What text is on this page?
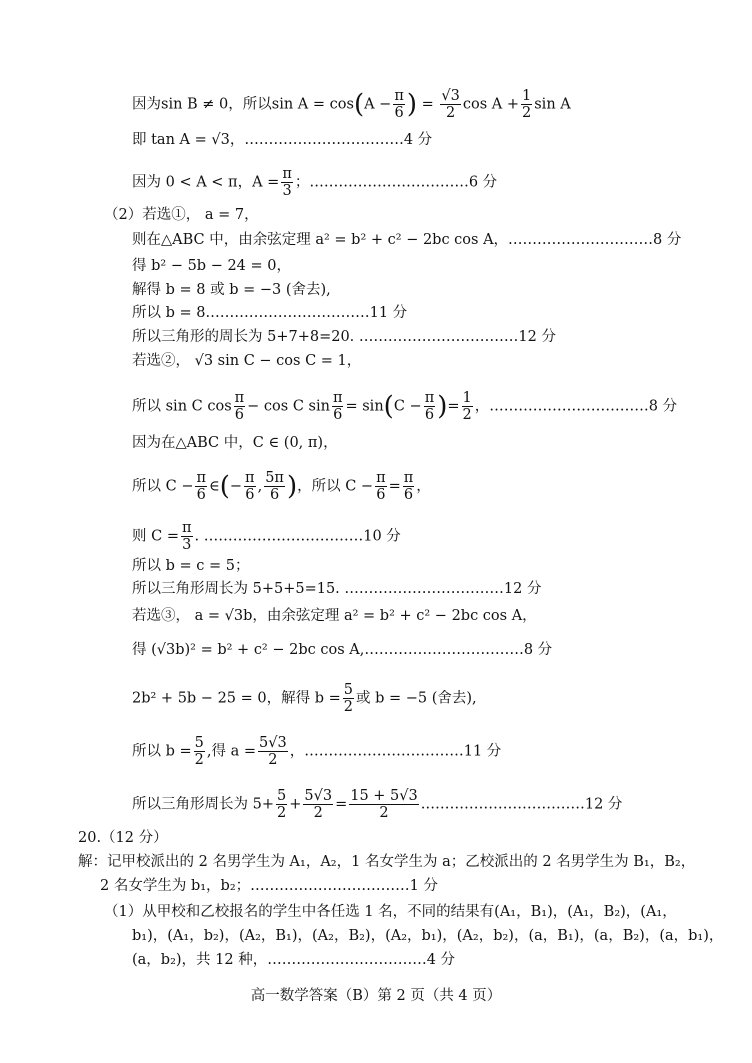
因为sin B ≠ 0，所以$\sin A = \cos(A - \frac{\pi}{6}$ ) = $\frac{√3}{2}$ $\cos A + \frac{1}{2}$ sin A
即 tan A = √3，……………………………4 分
因为 0 < A < π，$A = \frac{\pi}{3}$ ；……………………………6 分
（2）若选①， a = 7，
则在△ABC 中，由余弦定理 a² = b² + c² − 2bc cos A，…………………………8 分
得 b² − 5b − 24 = 0，
解得 b = 8 或 b = −3 (舍去),
所以 b = 8.……………………………11 分
所以三角形的周长为 5+7+8=20. ……………………………12 分
若选②， √3 sin C − cos C = 1，
所以 sin C $\cos \frac{\pi}{6} - \cos C$ $\sin \frac{\pi}{6} = \sin(C - \frac{\pi}{6}$ )= $\frac{1}{2}$ ，……………………………8 分
因为在△ABC 中，C ∈ (0, π)，
所以 $C - \frac{\pi}{6}$ ∈(− $\frac{\pi}{6}$ , $\frac{5\pi}{6}$ )，所以 $C - \frac{\pi}{6} = \frac{\pi}{6}$ ，
则 $C = \frac{\pi}{3}$ . ……………………………10 分
所以 b = c = 5；
所以三角形周长为 5+5+5=15. ……………………………12 分
若选③， a = √3b，由余弦定理 a² = b² + c² − 2bc cos A，
得 (√3b)² = b² + c² − 2bc cos A,……………………………8 分
2b² + 5b − 25 = 0，解得 $b = \frac{5}{2}$ 或 b = −5 (舍去),
所以 $b = \frac{5}{2}$ ,得 $a = \frac{5√3}{2}$ ，……………………………11 分
所以三角形周长为 $5+ \frac{5}{2} + \frac{5√3}{2} = \frac{15 + 5√3}{2}$ .……………………………12 分
20.（12 分）
解：记甲校派出的 2 名男学生为 A₁，A₂，1 名女学生为 a；乙校派出的 2 名男学生为 B₁，B₂，
2 名女学生为 b₁，b₂；……………………………1 分
（1）从甲校和乙校报名的学生中各任选 1 名，不同的结果有(A₁，B₁)，(A₁，B₂)，(A₁，
b₁)，(A₁，b₂)，(A₂，B₁)，(A₂，B₂)，(A₂，b₁)，(A₂，b₂)，(a，B₁)，(a，B₂)，(a，b₁)，
(a，b₂)，共 12 种，……………………………4 分
高一数学答案（B）第 2 页（共 4 页）
